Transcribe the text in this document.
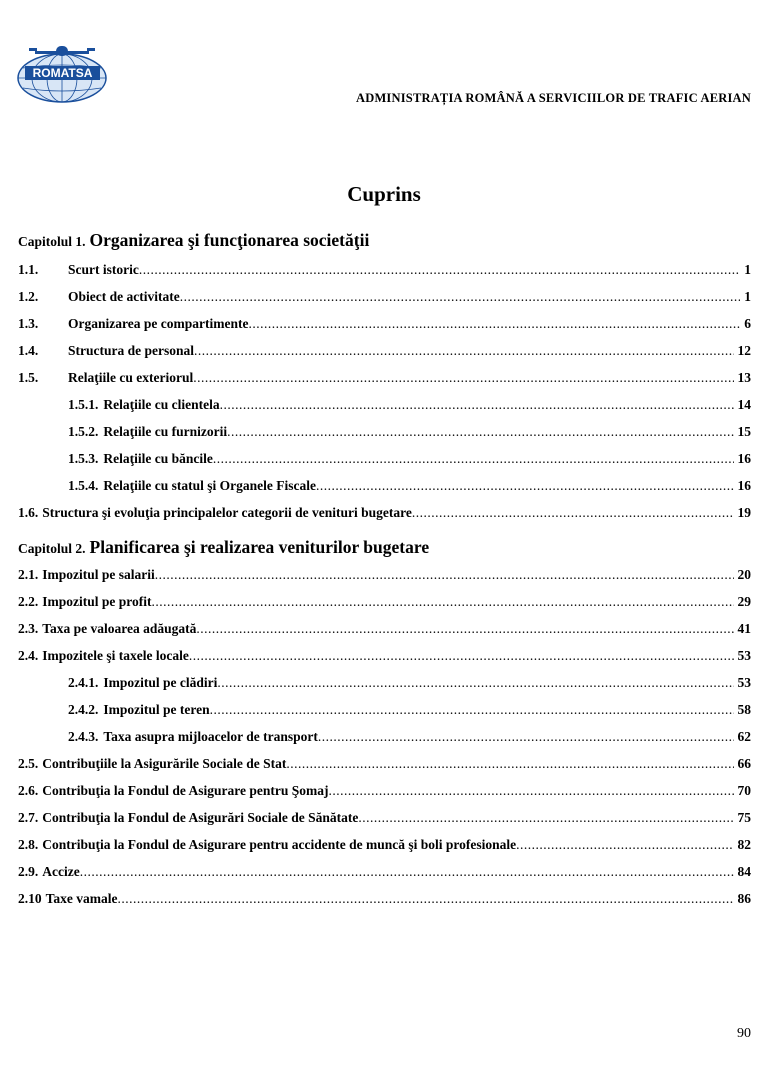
ROMATSA
ADMINISTRAȚIA ROMÂNĂ A SERVICIILOR DE TRAFIC AERIAN
Cuprins
Capitolul 1. Organizarea şi funcţionarea societăţii
1.1.	Scurt istoric .....	1
1.2.	Obiect de activitate .....	1
1.3.	Organizarea pe compartimente .....	6
1.4.	Structura de personal .....	12
1.5.	Relaţiile cu exteriorul .....	13
1.5.1. Relaţiile cu clientela .....	14
1.5.2. Relaţiile cu furnizorii .....	15
1.5.3. Relaţiile cu băncile .....	16
1.5.4. Relaţiile cu statul şi Organele Fiscale .....	16
1.6. Structura şi evoluţia principalelor categorii de venituri bugetare .....	19
Capitolul 2. Planificarea şi realizarea veniturilor bugetare
2.1. Impozitul pe salarii .....	20
2.2. Impozitul pe profit .....	29
2.3. Taxa pe valoarea adăugată .....	41
2.4. Impozitele şi taxele locale .....	53
2.4.1. Impozitul pe clădiri .....	53
2.4.2. Impozitul pe teren .....	58
2.4.3. Taxa asupra mijloacelor de transport .....	62
2.5. Contribuţiile la Asigurările Sociale de Stat .....	66
2.6. Contribuţia la Fondul de Asigurare pentru Şomaj .....	70
2.7. Contribuţia la Fondul de Asigurări Sociale de Sănătate .....	75
2.8. Contribuţia la Fondul de Asigurare pentru accidente de muncă şi boli profesionale .....	82
2.9. Accize .....	84
2.10 Taxe vamale .....	86
90
